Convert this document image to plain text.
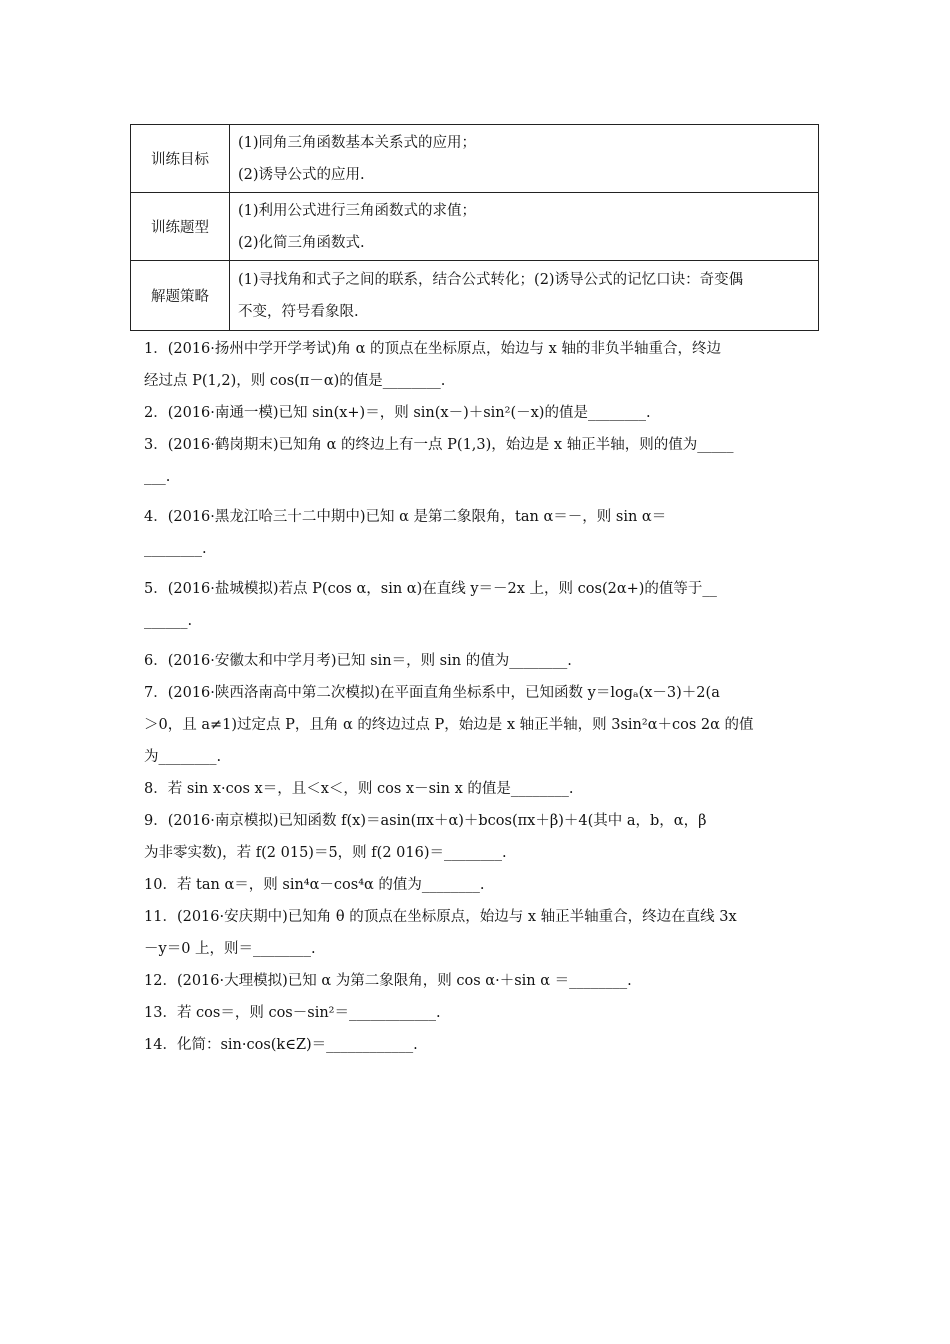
训练目标	(1)同角三角函数基本关系式的应用；
(2)诱导公式的应用.

训练题型	(1)利用公式进行三角函数式的求值；
(2)化简三角函数式.

解题策略	(1)寻找角和式子之间的联系，结合公式转化；(2)诱导公式的记忆口诀：奇变偶
不变，符号看象限.
1．(2016·扬州中学开学考试)角 α 的顶点在坐标原点，始边与 x 轴的非负半轴重合，终边
经过点 P(1,2)，则 cos(π－α)的值是________.
2．(2016·南通一模)已知 sin(x+)＝，则 sin(x－)＋sin²(－x)的值是________.
3．(2016·鹤岗期末)已知角 α 的终边上有一点 P(1,3)，始边是 x 轴正半轴，则的值为_____
___.
4．(2016·黑龙江哈三十二中期中)已知 α 是第二象限角，tan α＝－，则 sin α＝
________.
5．(2016·盐城模拟)若点 P(cos α，sin α)在直线 y＝－2x 上，则 cos(2α+)的值等于__
______.
6．(2016·安徽太和中学月考)已知 sin＝，则 sin 的值为________.
7．(2016·陕西洛南高中第二次模拟)在平面直角坐标系中，已知函数 y＝logₐ(x－3)＋2(a
＞0，且 a≠1)过定点 P，且角 α 的终边过点 P，始边是 x 轴正半轴，则 3sin²α＋cos 2α 的值
为________.
8．若 sin x·cos x＝，且＜x＜，则 cos x－sin x 的值是________.
9．(2016·南京模拟)已知函数 f(x)＝asin(πx＋α)＋bcos(πx＋β)＋4(其中 a，b，α，β
为非零实数)，若 f(2 015)＝5，则 f(2 016)＝________.
10．若 tan α＝，则 sin⁴α－cos⁴α 的值为________.
11．(2016·安庆期中)已知角 θ 的顶点在坐标原点，始边与 x 轴正半轴重合，终边在直线 3x
－y＝0 上，则＝________.
12．(2016·大理模拟)已知 α 为第二象限角，则 cos α·＋sin α ＝________.
13．若 cos＝，则 cos－sin²＝____________.
14．化简：sin·cos(k∈Z)＝____________.
